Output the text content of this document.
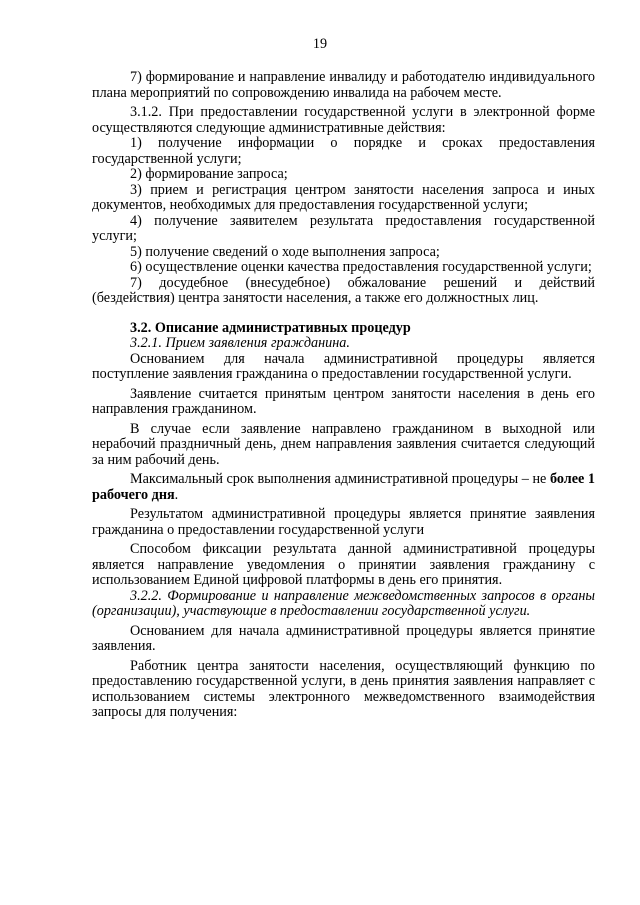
19

7) формирование и направление инвалиду и работодателю индивидуального плана мероприятий по сопровождению инвалида на рабочем месте.

3.1.2. При предоставлении государственной услуги в электронной форме осуществляются следующие административные действия:

1) получение информации о порядке и сроках предоставления государственной услуги;

2) формирование запроса;

3) прием и регистрация центром занятости населения запроса и иных документов, необходимых для предоставления государственной услуги;

4) получение заявителем результата предоставления государственной услуги;

5) получение сведений о ходе выполнения запроса;

6) осуществление оценки качества предоставления государственной услуги;

7) досудебное (внесудебное) обжалование решений и действий (бездействия) центра занятости населения, а также его должностных лиц.

3.2. Описание административных процедур

3.2.1. Прием заявления гражданина.

Основанием для начала административной процедуры является поступление заявления гражданина о предоставлении государственной услуги.

Заявление считается принятым центром занятости населения в день его направления гражданином.

В случае если заявление направлено гражданином в выходной или нерабочий праздничный день, днем направления заявления считается следующий за ним рабочий день.

Максимальный срок выполнения административной процедуры – не более 1 рабочего дня.

Результатом административной процедуры является принятие заявления гражданина о предоставлении государственной услуги

Способом фиксации результата данной административной процедуры является направление уведомления о принятии заявления гражданину с использованием Единой цифровой платформы в день его принятия.

3.2.2. Формирование и направление межведомственных запросов в органы (организации), участвующие в предоставлении государственной услуги.

Основанием для начала административной процедуры является принятие заявления.

Работник центра занятости населения, осуществляющий функцию по предоставлению государственной услуги, в день принятия заявления направляет с использованием системы электронного межведомственного взаимодействия запросы для получения:
